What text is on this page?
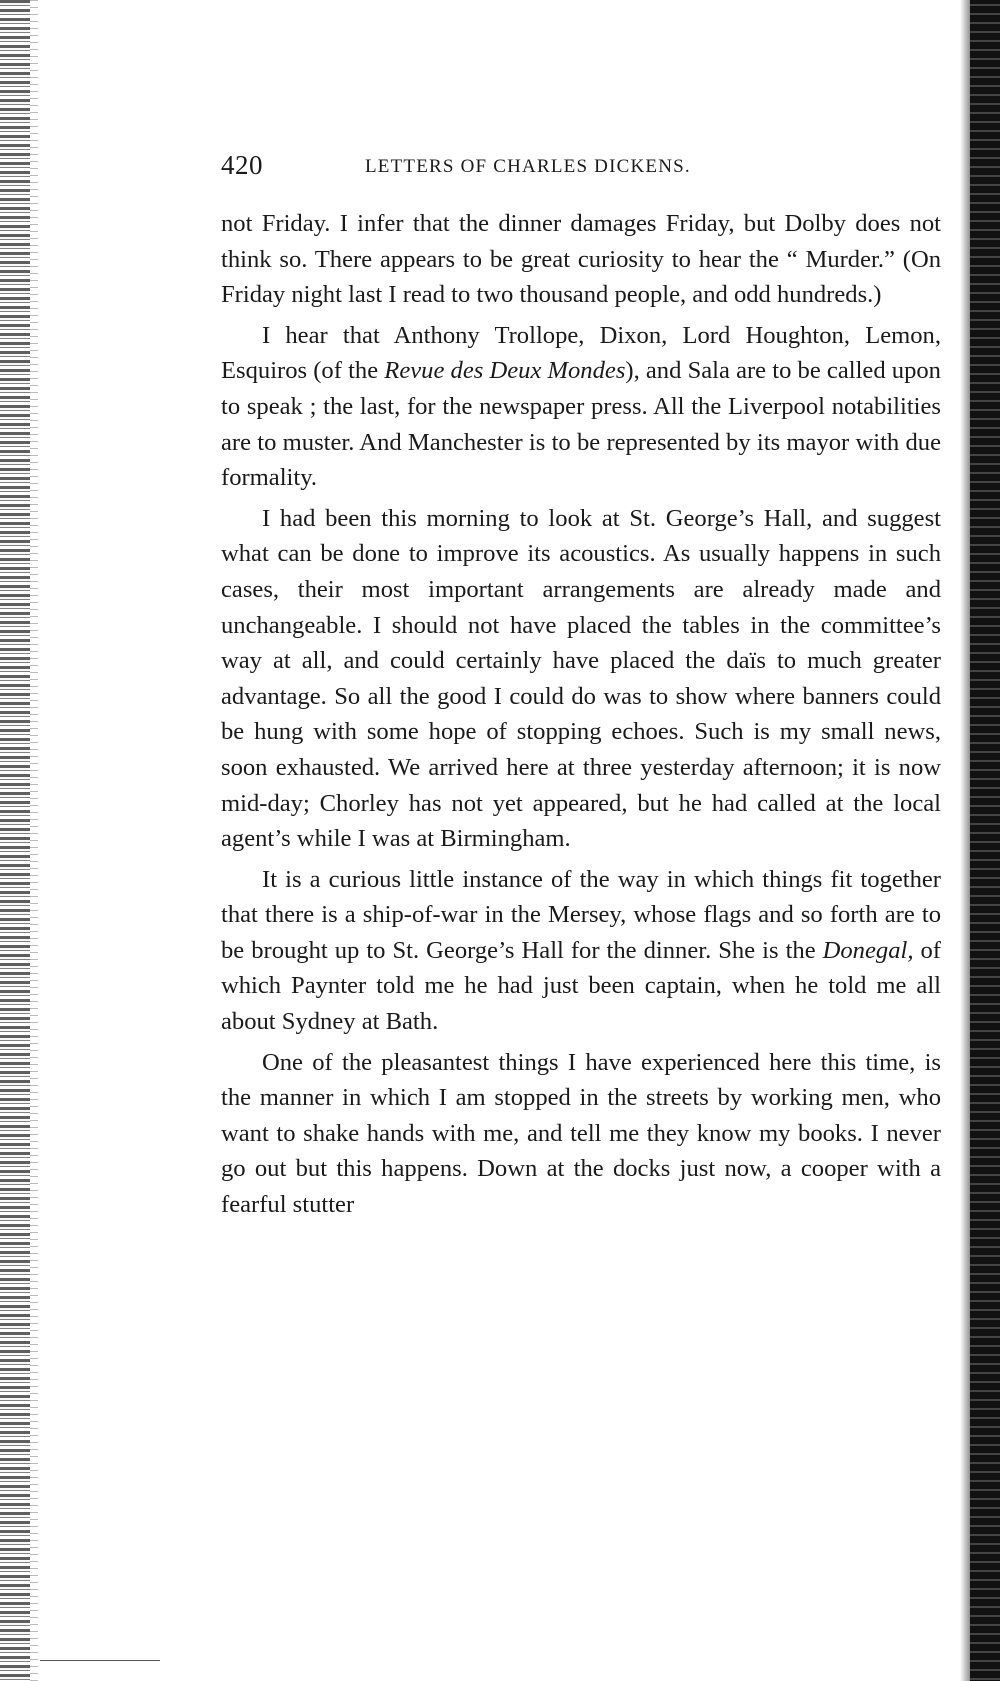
420	LETTERS OF CHARLES DICKENS.

not Friday. I infer that the dinner damages Friday, but Dolby does not think so. There appears to be great curiosity to hear the “ Murder.” (On Friday night last I read to two thousand people, and odd hundreds.)

I hear that Anthony Trollope, Dixon, Lord Houghton, Lemon, Esquiros (of the Revue des Deux Mondes), and Sala are to be called upon to speak ; the last, for the newspaper press. All the Liverpool notabilities are to muster. And Manchester is to be represented by its mayor with due formality.

I had been this morning to look at St. George’s Hall, and suggest what can be done to improve its acoustics. As usually happens in such cases, their most important arrangements are already made and unchangeable. I should not have placed the tables in the committee’s way at all, and could certainly have placed the daïs to much greater advantage. So all the good I could do was to show where banners could be hung with some hope of stopping echoes. Such is my small news, soon exhausted. We arrived here at three yesterday afternoon; it is now mid-day; Chorley has not yet appeared, but he had called at the local agent’s while I was at Birmingham.

It is a curious little instance of the way in which things fit together that there is a ship-of-war in the Mersey, whose flags and so forth are to be brought up to St. George’s Hall for the dinner. She is the Donegal, of which Paynter told me he had just been captain, when he told me all about Sydney at Bath.

One of the pleasantest things I have experienced here this time, is the manner in which I am stopped in the streets by working men, who want to shake hands with me, and tell me they know my books. I never go out but this happens. Down at the docks just now, a cooper with a fearful stutter
